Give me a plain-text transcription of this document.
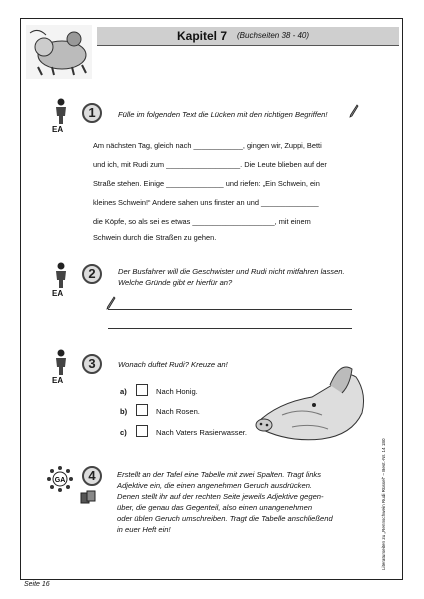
Kapitel 7 (Buchseiten 38 - 40)
EA
1	Fülle im folgenden Text die Lücken mit den richtigen Begriffen!
Am nächsten Tag, gleich nach ____________, gingen wir, Zuppi, Betti
und ich, mit Rudi zum __________________. Die Leute blieben auf der
Straße stehen. Einige ______________ und riefen: „Ein Schwein, ein
kleines Schwein!“ Andere sahen uns finster an und ______________
die Köpfe, so als sei es etwas ____________________, mit einem
Schwein durch die Straßen zu gehen.
EA
2	Der Busfahrer will die Geschwister und Rudi nicht mitfahren lassen. Welche Gründe gibt er hierfür an?
EA
3	Wonach duftet Rudi? Kreuze an!
a)	Nach Honig.
b)	Nach Rosen.
c)	Nach Vaters Rasierwasser.
GA	4	Erstellt an der Tafel eine Tabelle mit zwei Spalten. Tragt links
Adjektive ein, die einen angenehmen Geruch ausdrücken.
Denen stellt ihr auf der rechten Seite jeweils Adjektive gegen-
über, die genau das Gegenteil, also einen unangenehmen
oder üblen Geruch umschreiben. Tragt die Tabelle anschließend
in euer Heft ein!	Literaturseiten zu „Rennschwein Rudi Rüssel“ – Best.-Nr. 14 180
Seite 16
